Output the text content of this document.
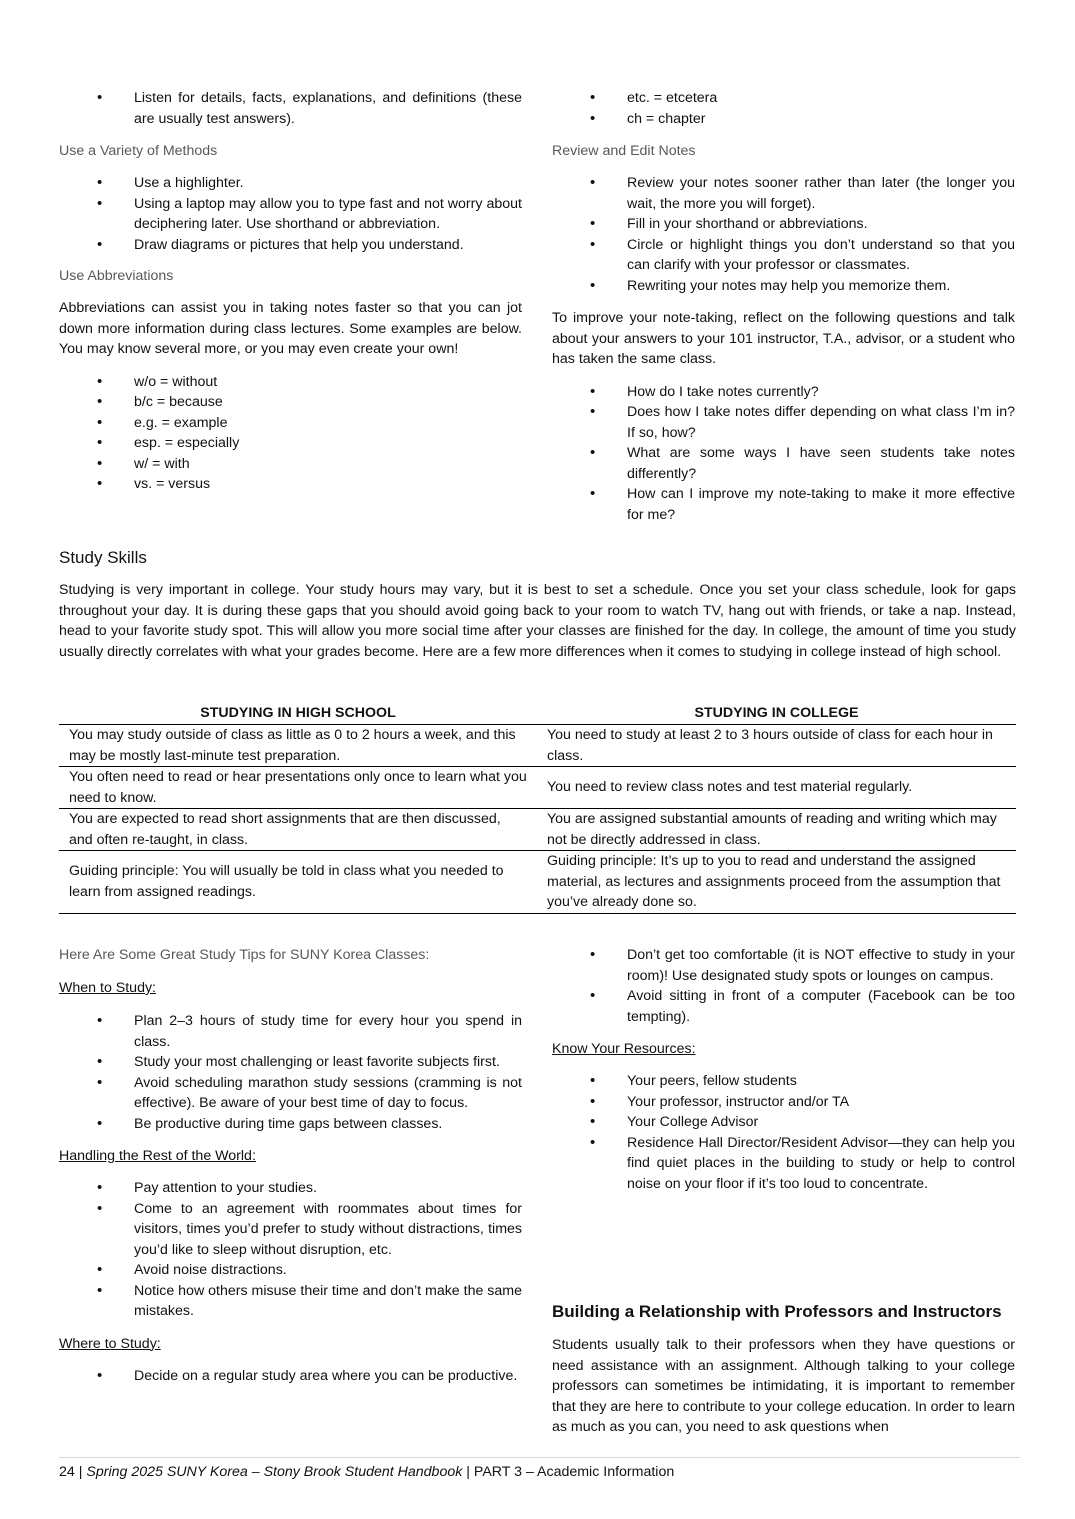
• Listen for details, facts, explanations, and definitions (these are usually test answers).

Use a Variety of Methods

• Use a highlighter.
• Using a laptop may allow you to type fast and not worry about deciphering later. Use shorthand or abbreviation.
• Draw diagrams or pictures that help you understand.

Use Abbreviations

Abbreviations can assist you in taking notes faster so that you can jot down more information during class lectures. Some examples are below. You may know several more, or you may even create your own!

• w/o = without
• b/c = because
• e.g. = example
• esp. = especially
• w/ = with
• vs. = versus
• etc. = etcetera
• ch = chapter

Review and Edit Notes

• Review your notes sooner rather than later (the longer you wait, the more you will forget).
• Fill in your shorthand or abbreviations.
• Circle or highlight things you don’t understand so that you can clarify with your professor or classmates.
• Rewriting your notes may help you memorize them.

To improve your note-taking, reflect on the following questions and talk about your answers to your 101 instructor, T.A., advisor, or a student who has taken the same class.

• How do I take notes currently?
• Does how I take notes differ depending on what class I’m in? If so, how?
• What are some ways I have seen students take notes differently?
• How can I improve my note-taking to make it more effective for me?

Study Skills

Studying is very important in college. Your study hours may vary, but it is best to set a schedule. Once you set your class schedule, look for gaps throughout your day. It is during these gaps that you should avoid going back to your room to watch TV, hang out with friends, or take a nap. Instead, head to your favorite study spot. This will allow you more social time after your classes are finished for the day. In college, the amount of time you study usually directly correlates with what your grades become. Here are a few more differences when it comes to studying in college instead of high school.

STUDYING IN HIGH SCHOOL	STUDYING IN COLLEGE
You may study outside of class as little as 0 to 2 hours a week, and this may be mostly last-minute test preparation.	You need to study at least 2 to 3 hours outside of class for each hour in class.
You often need to read or hear presentations only once to learn what you need to know.	You need to review class notes and test material regularly.
You are expected to read short assignments that are then discussed, and often re-taught, in class.	You are assigned substantial amounts of reading and writing which may not be directly addressed in class.
Guiding principle: You will usually be told in class what you needed to learn from assigned readings.	Guiding principle: It’s up to you to read and understand the assigned material, as lectures and assignments proceed from the assumption that you’ve already done so.

Here Are Some Great Study Tips for SUNY Korea Classes:

When to Study:

• Plan 2–3 hours of study time for every hour you spend in class.
• Study your most challenging or least favorite subjects first.
• Avoid scheduling marathon study sessions (cramming is not effective). Be aware of your best time of day to focus.
• Be productive during time gaps between classes.

Handling the Rest of the World:

• Pay attention to your studies.
• Come to an agreement with roommates about times for visitors, times you’d prefer to study without distractions, times you’d like to sleep without disruption, etc.
• Avoid noise distractions.
• Notice how others misuse their time and don’t make the same mistakes.

Where to Study:

• Decide on a regular study area where you can be productive.
• Don’t get too comfortable (it is NOT effective to study in your room)! Use designated study spots or lounges on campus.
• Avoid sitting in front of a computer (Facebook can be too tempting).

Know Your Resources:

• Your peers, fellow students
• Your professor, instructor and/or TA
• Your College Advisor
• Residence Hall Director/Resident Advisor—they can help you find quiet places in the building to study or help to control noise on your floor if it’s too loud to concentrate.

Building a Relationship with Professors and Instructors

Students usually talk to their professors when they have questions or need assistance with an assignment. Although talking to your college professors can sometimes be intimidating, it is important to remember that they are here to contribute to your college education. In order to learn as much as you can, you need to ask questions when

24 | Spring 2025 SUNY Korea – Stony Brook Student Handbook | PART 3 – Academic Information
